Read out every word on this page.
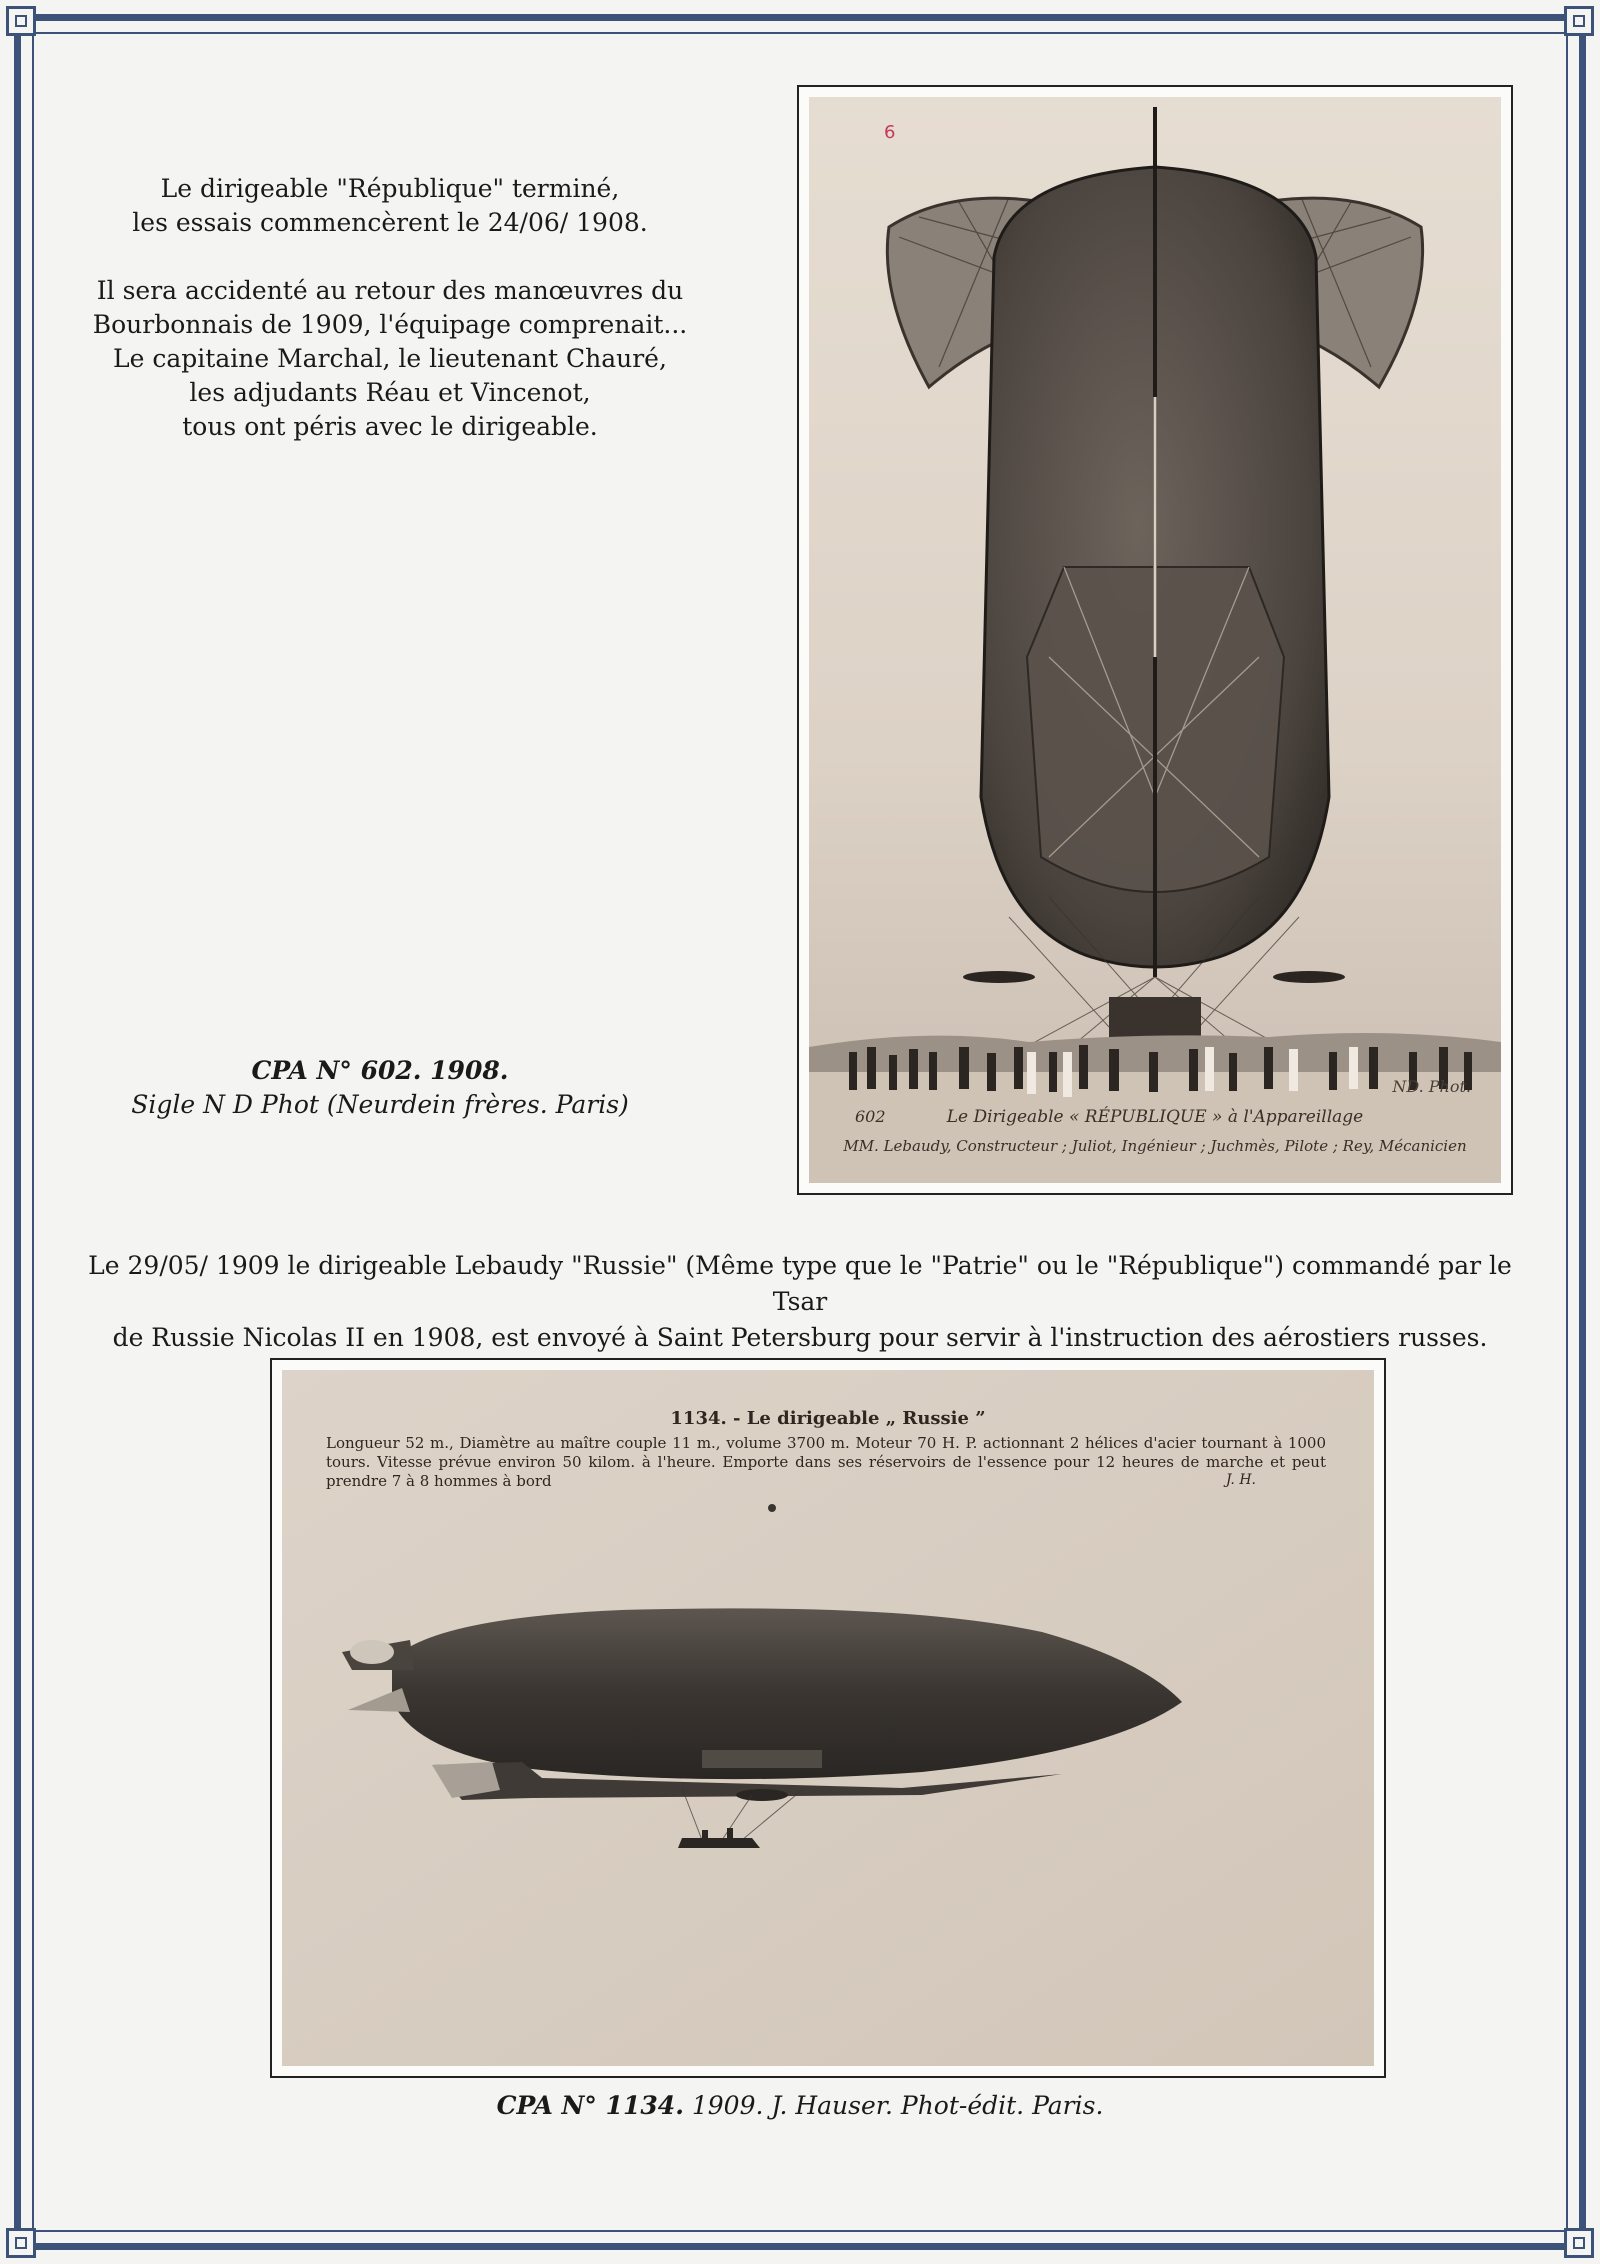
Le dirigeable "République" terminé,

les essais commencèrent le 24/06/ 1908.

Il sera accidenté au retour des manœuvres du

Bourbonnais de 1909, l'équipage comprenait...

Le capitaine Marchal, le lieutenant Chauré,

les adjudants Réau et Vincenot,

tous ont péris avec le dirigeable.

6
ND. Phot.
602	Le Dirigeable « RÉPUBLIQUE » à l'Appareillage
MM. Lebaudy, Constructeur ; Juliot, Ingénieur ; Juchmès, Pilote ; Rey, Mécanicien
CPA N° 602. 1908.
Sigle N D Phot (Neurdein frères. Paris)

Le 29/05/ 1909 le dirigeable Lebaudy "Russie" (Même type que le "Patrie" ou le "République") commandé par le Tsar

de Russie Nicolas II en 1908, est envoyé à Saint Petersburg pour servir à l'instruction des aérostiers russes.

1134. - Le dirigeable „ Russie ”
Longueur 52 m., Diamètre au maître couple 11 m., volume 3700 m. Moteur 70 H. P. actionnant 2 hélices d'acier tournant à 1000 tours. Vitesse prévue environ 50 kilom. à l'heure. Emporte dans ses réservoirs de l'essence pour 12 heures de marche et peut prendre 7 à 8 hommes à bord	J. H.
CPA N° 1134. 1909. J. Hauser. Phot-édit. Paris.
